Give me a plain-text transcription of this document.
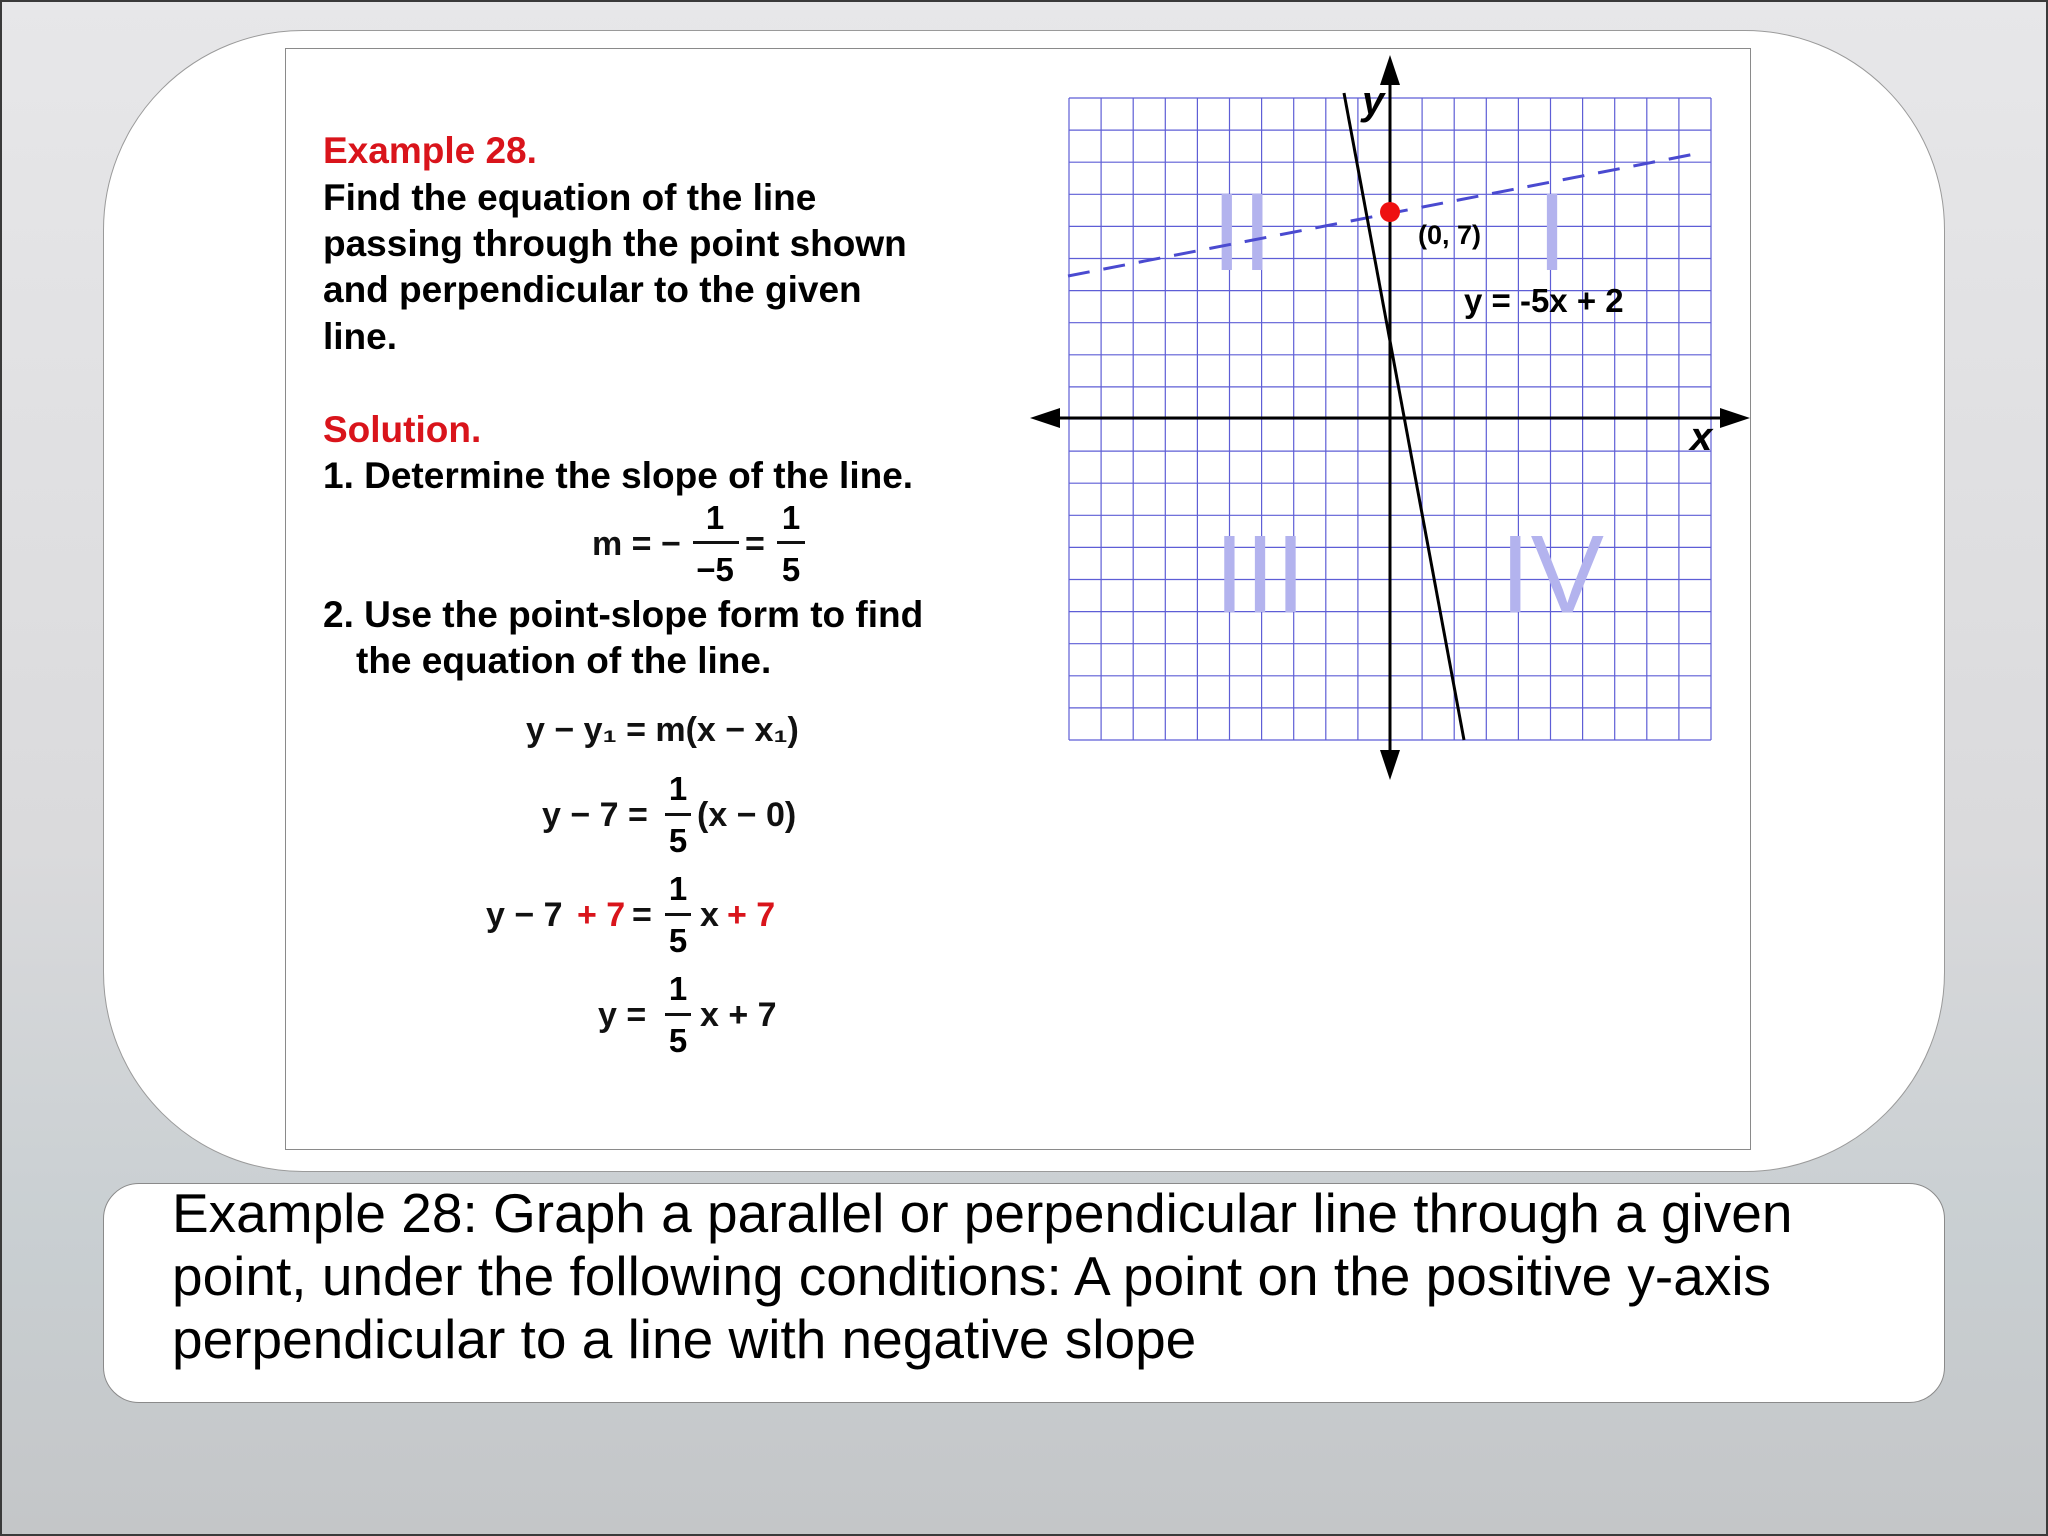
Example 28.
Find the equation of the line
passing through the point shown
and perpendicular to the given
line.
Solution.
1. Determine the slope of the line.
m = −
1
−5
=
1
5
2. Use the point-slope form to find
the equation of the line.
y − y₁ = m(x − x₁)
y − 7 =
1
5
(x − 0)
y − 7 + 7 =
1
5
x + 7
y =
1
5
x + 7
II I
III IV
y
x
(0, 7)
y = -5x + 2
Example 28: Graph a parallel or perpendicular line through a given point, under the following conditions: A point on the positive y-axis perpendicular to a line with negative slope
